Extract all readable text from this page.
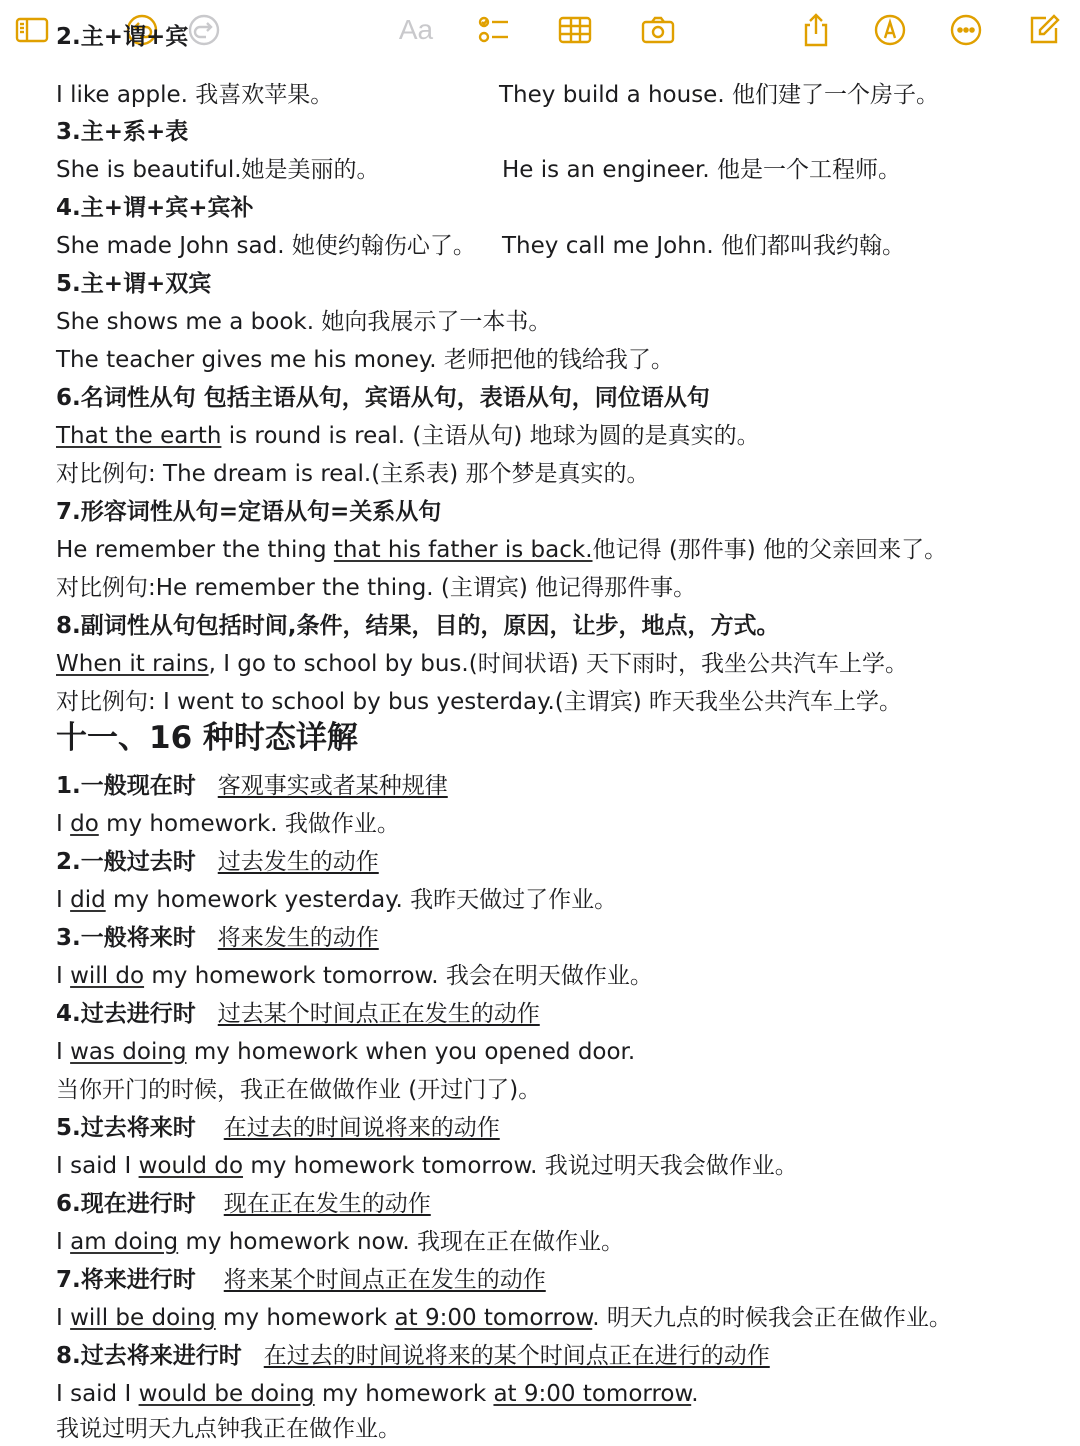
Aa
2.主+谓+宾
I like apple. 我喜欢苹果。	They build a house. 他们建了一个房子。
3.主+系+表
She is beautiful.她是美丽的。	He is an engineer. 他是一个工程师。
4.主+谓+宾+宾补
She made John sad. 她使约翰伤心了。 They call me John. 他们都叫我约翰。
5.主+谓+双宾
She shows me a book. 她向我展示了一本书。
The teacher gives me his money. 老师把他的钱给我了。
6.名词性从句 包括主语从句，宾语从句，表语从句，同位语从句
That the earth is round is real. (主语从句) 地球为圆的是真实的。
对比例句: The dream is real.(主系表) 那个梦是真实的。
7.形容词性从句=定语从句=关系从句
He remember the thing that his father is back.他记得 (那件事) 他的父亲回来了。
对比例句:He remember the thing. (主谓宾) 他记得那件事。
8.副词性从句包括时间,条件，结果，目的，原因，让步，地点，方式。
When it rains, I go to school by bus.(时间状语) 天下雨时，我坐公共汽车上学。
对比例句: I went to school by bus yesterday.(主谓宾) 昨天我坐公共汽车上学。
十一、16 种时态详解
1.一般现在时 客观事实或者某种规律
I do my homework. 我做作业。
2.一般过去时 过去发生的动作
I did my homework yesterday. 我昨天做过了作业。
3.一般将来时 将来发生的动作
I will do my homework tomorrow. 我会在明天做作业。
4.过去进行时 过去某个时间点正在发生的动作
I was doing my homework when you opened door.
当你开门的时候，我正在做做作业 (开过门了)。
5.过去将来时 在过去的时间说将来的动作
I said I would do my homework tomorrow. 我说过明天我会做作业。
6.现在进行时 现在正在发生的动作
I am doing my homework now. 我现在正在做作业。
7.将来进行时 将来某个时间点正在发生的动作
I will be doing my homework at 9:00 tomorrow. 明天九点的时候我会正在做作业。
8.过去将来进行时 在过去的时间说将来的某个时间点正在进行的动作
I said I would be doing my homework at 9:00 tomorrow.
我说过明天九点钟我正在做作业。
